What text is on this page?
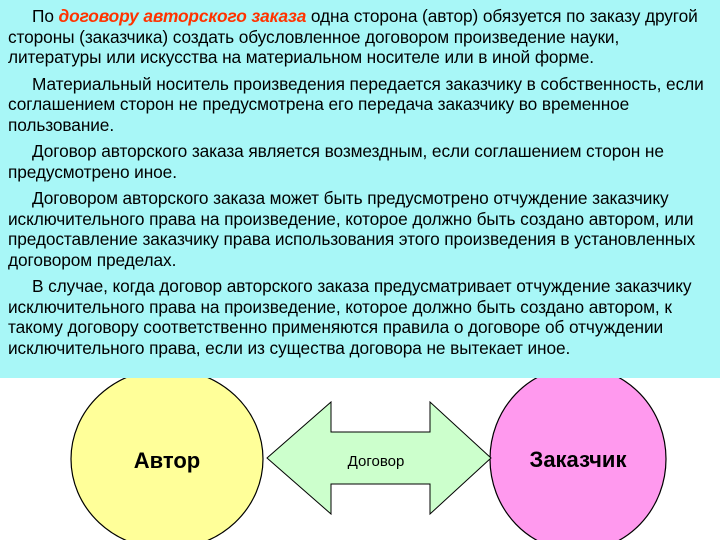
По договору авторского заказа одна сторона (автор) обязуется по заказу другой стороны (заказчика) создать обусловленное договором произведение науки, литературы или искусства на материальном носителе или в иной форме.

Материальный носитель произведения передается заказчику в собственность, если соглашением сторон не предусмотрена его передача заказчику во временное пользование.

Договор авторского заказа является возмездным, если соглашением сторон не предусмотрено иное.

Договором авторского заказа может быть предусмотрено отчуждение заказчику исключительного права на произведение, которое должно быть создано автором, или предоставление заказчику права использования этого произведения в установленных договором пределах.

В случае, когда договор авторского заказа предусматривает отчуждение заказчику исключительного права на произведение, которое должно быть создано автором, к такому договору соответственно применяются правила о договоре об отчуждении исключительного права, если из существа договора не вытекает иное.

Автор	Заказчик
Договор
